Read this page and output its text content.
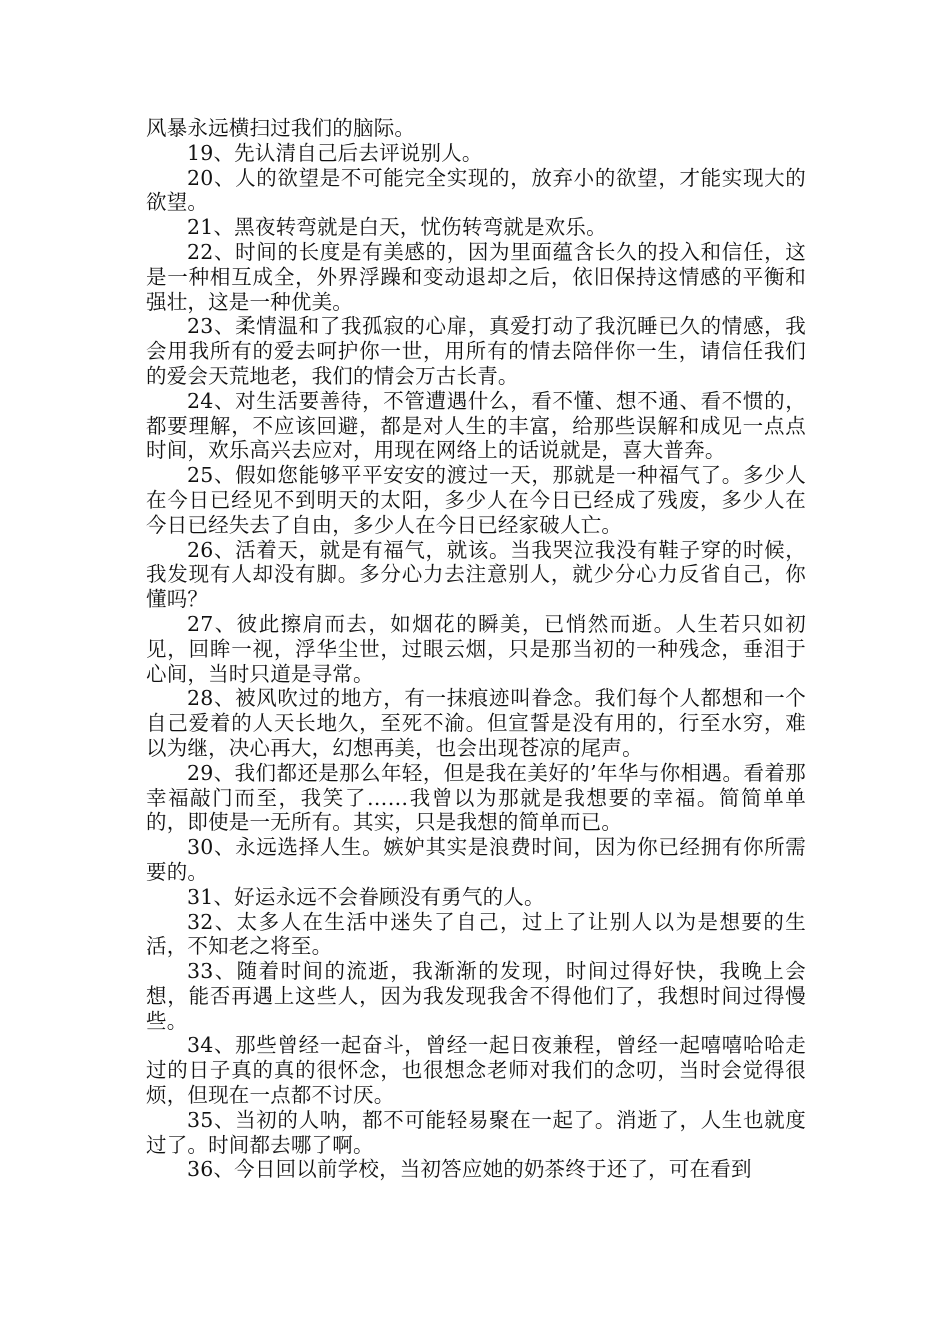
风暴永远横扫过我们的脑际。

19、先认清自己后去评说别人。

20、人的欲望是不可能完全实现的，放弃小的欲望，才能实现大的欲望。

21、黑夜转弯就是白天，忧伤转弯就是欢乐。

22、时间的长度是有美感的，因为里面蕴含长久的投入和信任，这是一种相互成全，外界浮躁和变动退却之后，依旧保持这情感的平衡和强壮，这是一种优美。

23、柔情温和了我孤寂的心扉，真爱打动了我沉睡已久的情感，我会用我所有的爱去呵护你一世，用所有的情去陪伴你一生，请信任我们的爱会天荒地老，我们的情会万古长青。

24、对生活要善待，不管遭遇什么，看不懂、想不通、看不惯的，都要理解，不应该回避，都是对人生的丰富，给那些误解和成见一点点时间，欢乐高兴去应对，用现在网络上的话说就是，喜大普奔。

25、假如您能够平平安安的渡过一天，那就是一种福气了。多少人在今日已经见不到明天的太阳，多少人在今日已经成了残废，多少人在今日已经失去了自由，多少人在今日已经家破人亡。

26、活着天，就是有福气，就该。当我哭泣我没有鞋子穿的时候，我发现有人却没有脚。多分心力去注意别人，就少分心力反省自己，你懂吗？

27、彼此擦肩而去，如烟花的瞬美，已悄然而逝。人生若只如初见，回眸一视，浮华尘世，过眼云烟，只是那当初的一种残念，垂泪于心间，当时只道是寻常。

28、被风吹过的地方，有一抹痕迹叫眷念。我们每个人都想和一个自己爱着的人天长地久，至死不渝。但宣誓是没有用的，行至水穷，难以为继，决心再大，幻想再美，也会出现苍凉的尾声。

29、我们都还是那么年轻，但是我在美好的’年华与你相遇。看着那幸福敲门而至，我笑了……我曾以为那就是我想要的幸福。简简单单的，即使是一无所有。其实，只是我想的简单而已。

30、永远选择人生。嫉妒其实是浪费时间，因为你已经拥有你所需要的。

31、好运永远不会眷顾没有勇气的人。

32、太多人在生活中迷失了自己，过上了让别人以为是想要的生活，不知老之将至。

33、随着时间的流逝，我渐渐的发现，时间过得好快，我晚上会想，能否再遇上这些人，因为我发现我舍不得他们了，我想时间过得慢些。

34、那些曾经一起奋斗，曾经一起日夜兼程，曾经一起嘻嘻哈哈走过的日子真的真的很怀念，也很想念老师对我们的念叨，当时会觉得很烦，但现在一点都不讨厌。

35、当初的人呐，都不可能轻易聚在一起了。消逝了，人生也就度过了。时间都去哪了啊。

36、今日回以前学校，当初答应她的奶茶终于还了，可在看到
